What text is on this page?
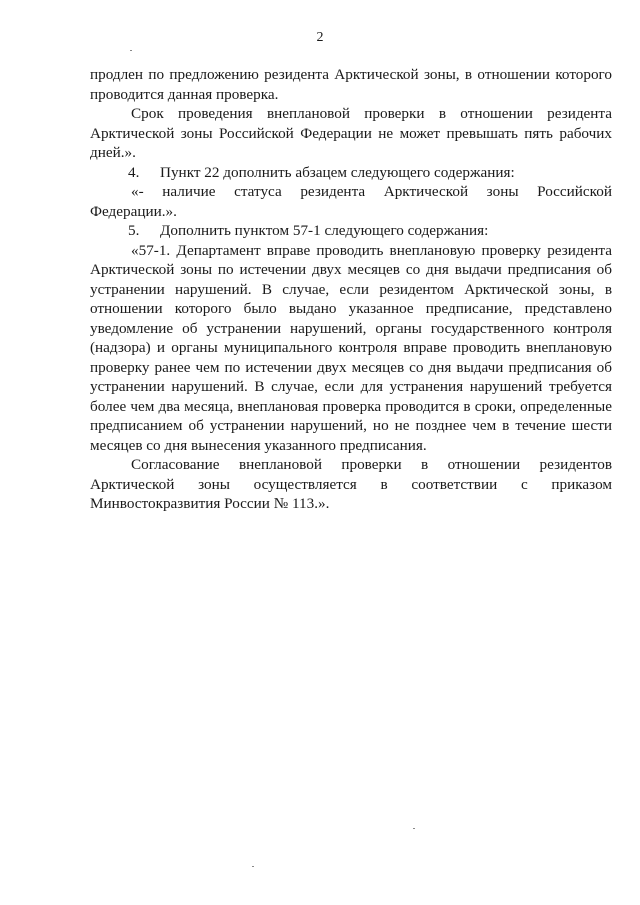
2

продлен по предложению резидента Арктической зоны, в отношении которого проводится данная проверка.

Срок проведения внеплановой проверки в отношении резидента Арктической зоны Российской Федерации не может превышать пять рабочих дней.».

4.	Пункт 22 дополнить абзацем следующего содержания:

«- наличие статуса резидента Арктической зоны Российской Федерации.».

5.	Дополнить пунктом 57-1 следующего содержания:

«57-1. Департамент вправе проводить внеплановую проверку резидента Арктической зоны по истечении двух месяцев со дня выдачи предписания об устранении нарушений. В случае, если резидентом Арктической зоны, в отношении которого было выдано указанное предписание, представлено уведомление об устранении нарушений, органы государственного контроля (надзора) и органы муниципального контроля вправе проводить внеплановую проверку ранее чем по истечении двух месяцев со дня выдачи предписания об устранении нарушений. В случае, если для устранения нарушений требуется более чем два месяца, внеплановая проверка проводится в сроки, определенные предписанием об устранении нарушений, но не позднее чем в течение шести месяцев со дня вынесения указанного предписания.

Согласование внеплановой проверки в отношении резидентов Арктической зоны осуществляется в соответствии с приказом Минвостокразвития России № 113.».
